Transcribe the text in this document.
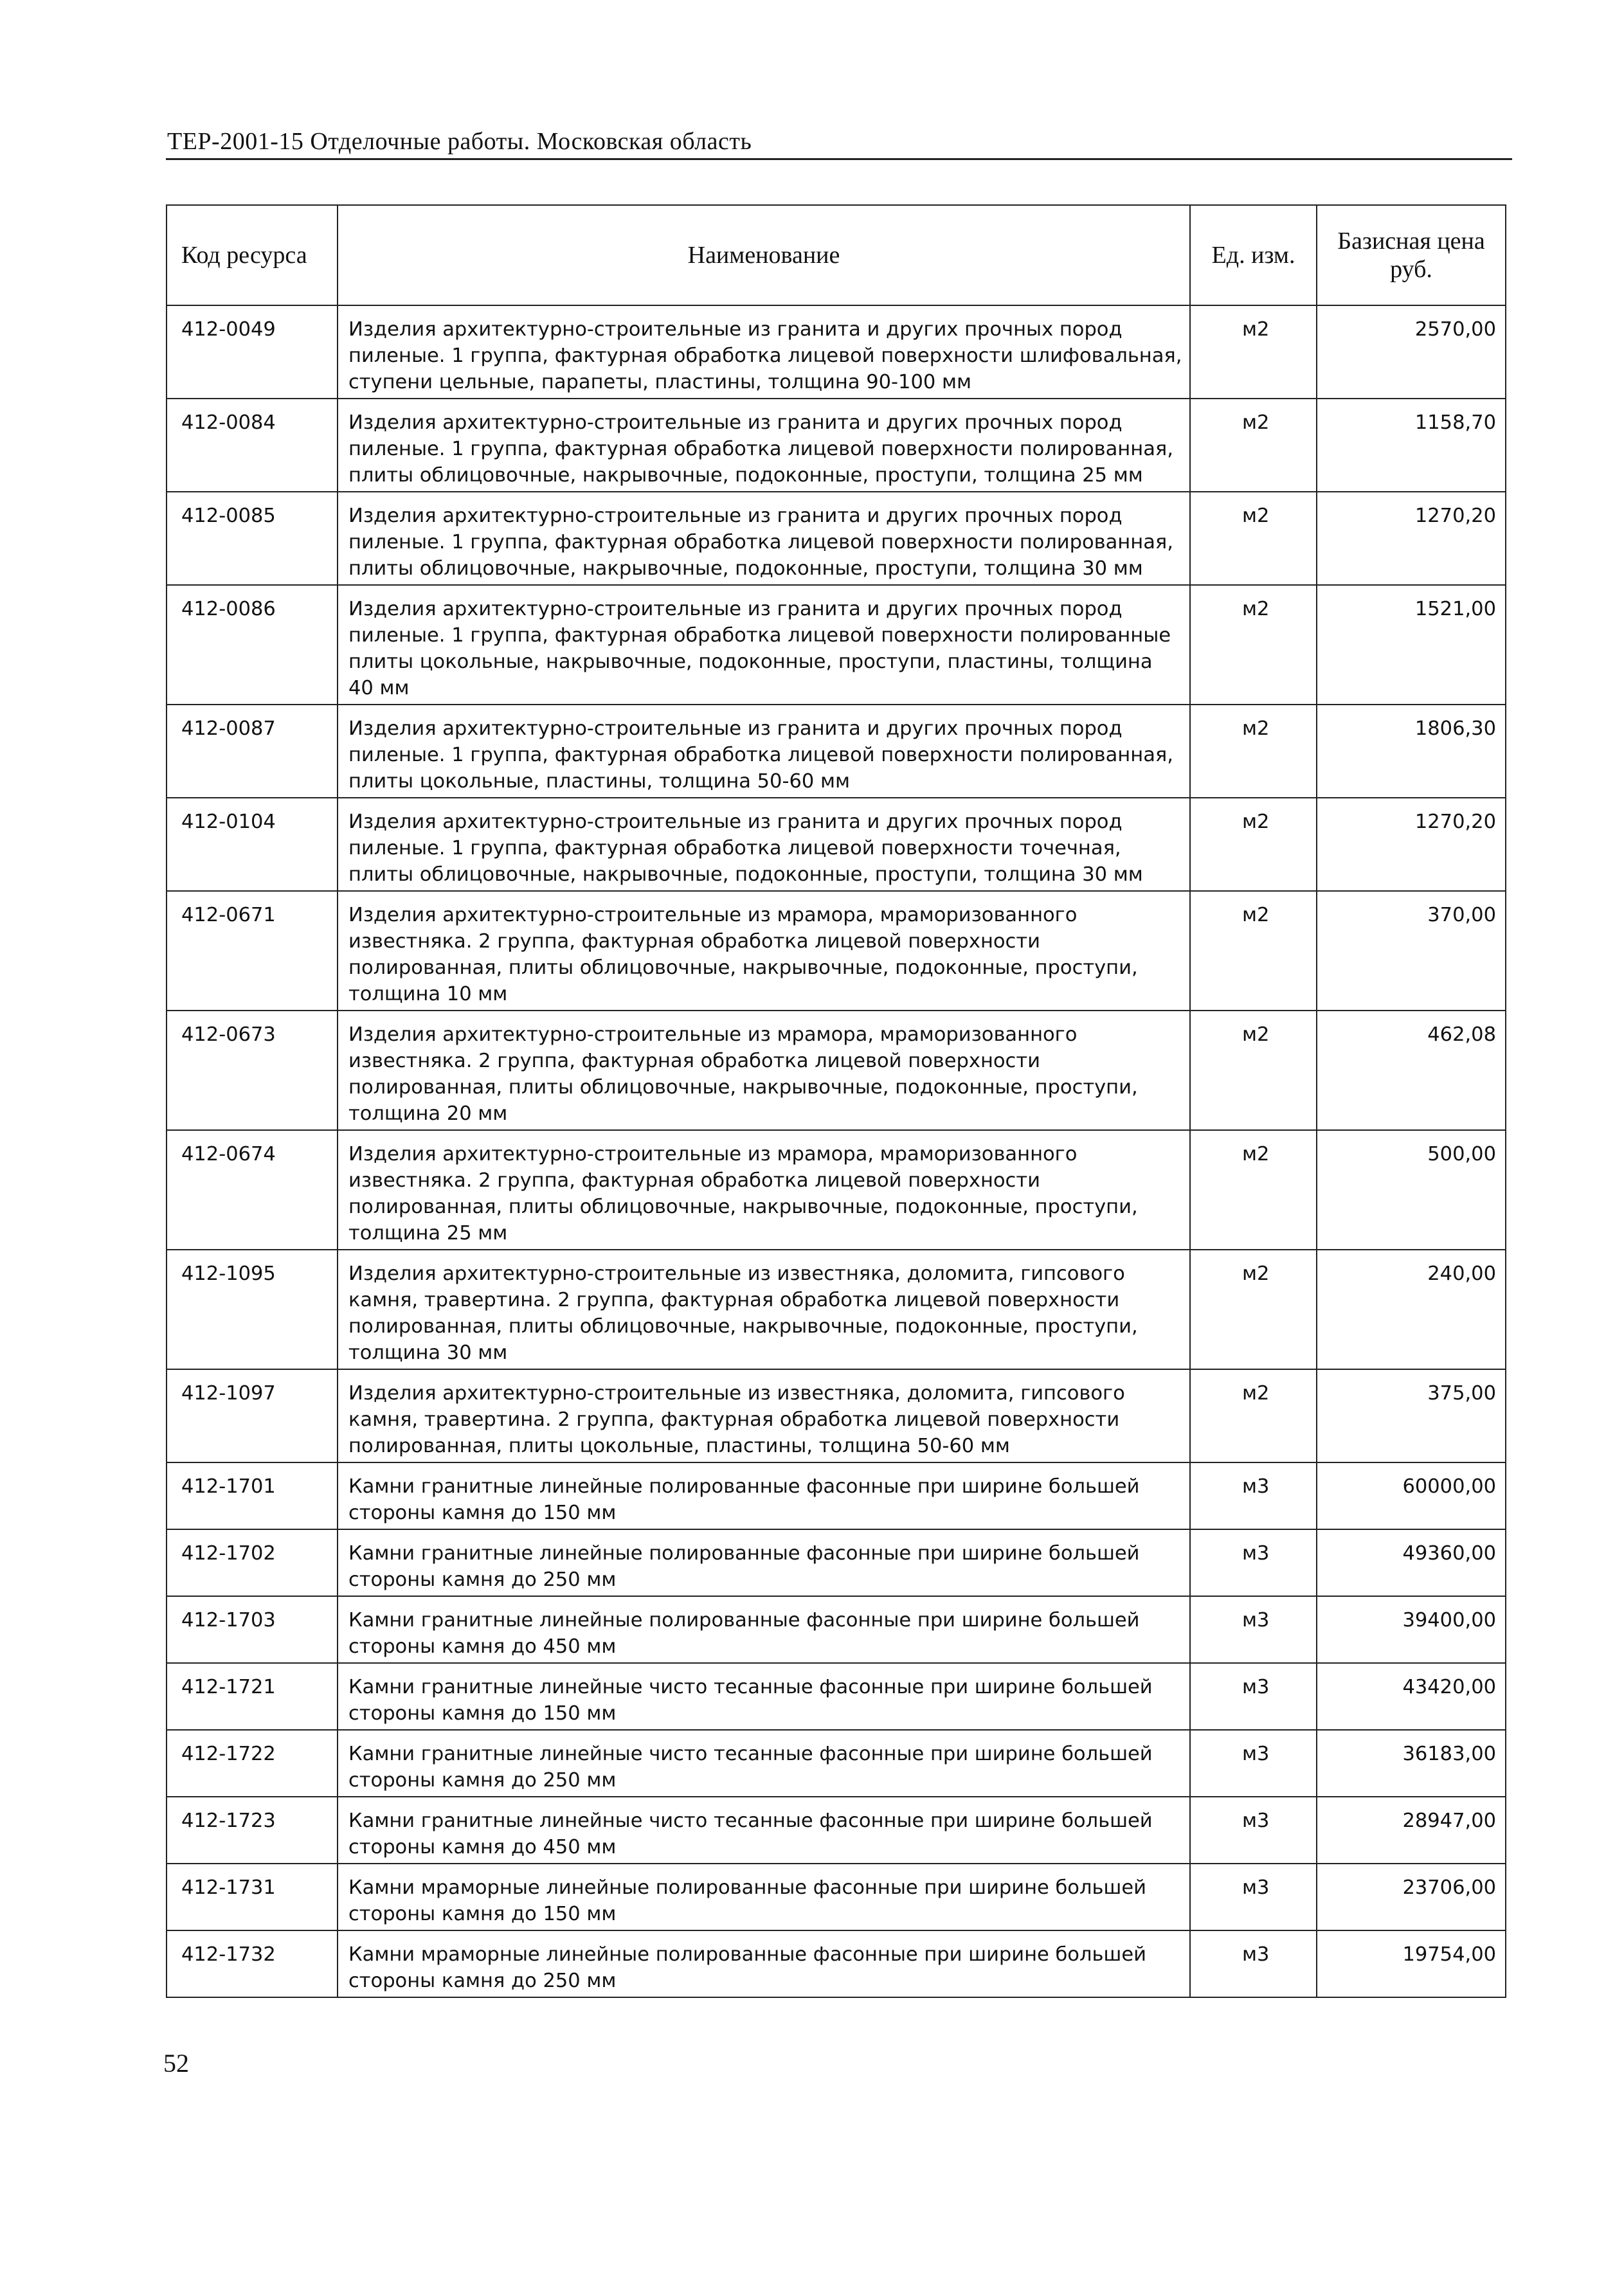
ТЕР-2001-15 Отделочные работы. Московская область
Код ресурса	Наименование	Ед. изм.	Базисная цена руб.
412-0049	Изделия архитектурно-строительные из гранита и других прочных пород пиленые. 1 группа, фактурная обработка лицевой поверхности шлифовальная, ступени цельные, парапеты, пластины, толщина 90-100 мм	м2	2570,00
412-0084	Изделия архитектурно-строительные из гранита и других прочных пород пиленые. 1 группа, фактурная обработка лицевой поверхности полированная, плиты облицовочные, накрывочные, подоконные, проступи, толщина 25 мм	м2	1158,70
412-0085	Изделия архитектурно-строительные из гранита и других прочных пород пиленые. 1 группа, фактурная обработка лицевой поверхности полированная, плиты облицовочные, накрывочные, подоконные, проступи, толщина 30 мм	м2	1270,20
412-0086	Изделия архитектурно-строительные из гранита и других прочных пород пиленые. 1 группа, фактурная обработка лицевой поверхности полированные плиты цокольные, накрывочные, подоконные, проступи, пластины, толщина 40 мм	м2	1521,00
412-0087	Изделия архитектурно-строительные из гранита и других прочных пород пиленые. 1 группа, фактурная обработка лицевой поверхности полированная, плиты цокольные, пластины, толщина 50-60 мм	м2	1806,30
412-0104	Изделия архитектурно-строительные из гранита и других прочных пород пиленые. 1 группа, фактурная обработка лицевой поверхности точечная, плиты облицовочные, накрывочные, подоконные, проступи, толщина 30 мм	м2	1270,20
412-0671	Изделия архитектурно-строительные из мрамора, мраморизованного известняка. 2 группа, фактурная обработка лицевой поверхности полированная, плиты облицовочные, накрывочные, подоконные, проступи, толщина 10 мм	м2	370,00
412-0673	Изделия архитектурно-строительные из мрамора, мраморизованного известняка. 2 группа, фактурная обработка лицевой поверхности полированная, плиты облицовочные, накрывочные, подоконные, проступи, толщина 20 мм	м2	462,08
412-0674	Изделия архитектурно-строительные из мрамора, мраморизованного известняка. 2 группа, фактурная обработка лицевой поверхности полированная, плиты облицовочные, накрывочные, подоконные, проступи, толщина 25 мм	м2	500,00
412-1095	Изделия архитектурно-строительные из известняка, доломита, гипсового камня, травертина. 2 группа, фактурная обработка лицевой поверхности полированная, плиты облицовочные, накрывочные, подоконные, проступи, толщина 30 мм	м2	240,00
412-1097	Изделия архитектурно-строительные из известняка, доломита, гипсового камня, травертина. 2 группа, фактурная обработка лицевой поверхности полированная, плиты цокольные, пластины, толщина 50-60 мм	м2	375,00
412-1701	Камни гранитные линейные полированные фасонные при ширине большей стороны камня до 150 мм	м3	60000,00
412-1702	Камни гранитные линейные полированные фасонные при ширине большей стороны камня до 250 мм	м3	49360,00
412-1703	Камни гранитные линейные полированные фасонные при ширине большей стороны камня до 450 мм	м3	39400,00
412-1721	Камни гранитные линейные чисто тесанные фасонные при ширине большей стороны камня до 150 мм	м3	43420,00
412-1722	Камни гранитные линейные чисто тесанные фасонные при ширине большей стороны камня до 250 мм	м3	36183,00
412-1723	Камни гранитные линейные чисто тесанные фасонные при ширине большей стороны камня до 450 мм	м3	28947,00
412-1731	Камни мраморные линейные полированные фасонные при ширине большей стороны камня до 150 мм	м3	23706,00
412-1732	Камни мраморные линейные полированные фасонные при ширине большей стороны камня до 250 мм	м3	19754,00
52
